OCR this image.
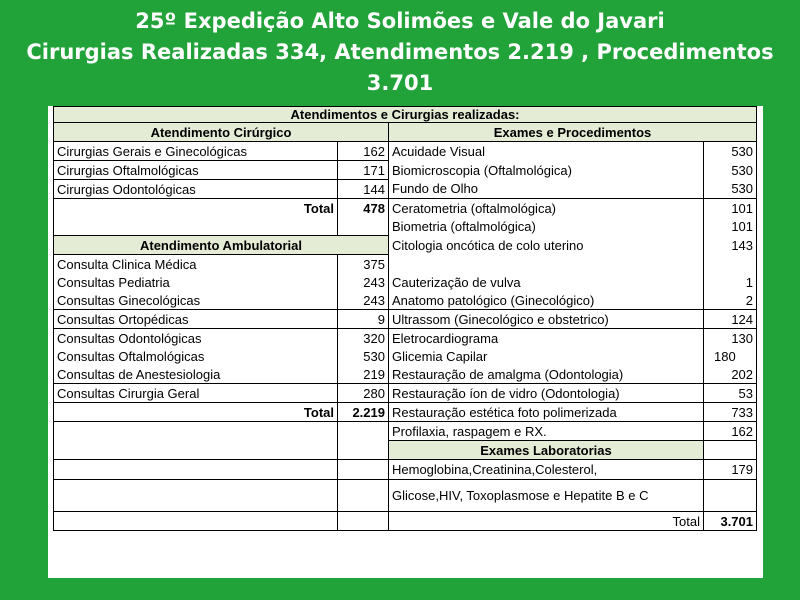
25º Expedição Alto Solimões e Vale do Javari
Cirurgias Realizadas 334, Atendimentos 2.219 , Procedimentos
3.701
Atendimentos e Cirurgias realizadas:			
Atendimento Cirúrgico		Exames e Procedimentos	
Cirurgias Gerais e Ginecológicas	162	Acuidade Visual	530
Cirurgias Oftalmológicas	171	Biomicroscopia (Oftalmológica)	530
Cirurgias Odontológicas	144	Fundo de Olho	530
Total	478	Ceratometria (oftalmológica)	101
		Biometria (oftalmológica)	101
Atendimento Ambulatorial		Citologia oncótica de colo uterino	143
Consulta Clinica Médica	375		
Consultas Pediatria	243	Cauterização de vulva	1
Consultas Ginecológicas	243	Anatomo patológico (Ginecológico)	2
Consultas Ortopédicas	9	Ultrassom (Ginecológico e obstetrico)	124
Consultas Odontológicas	320	Eletrocardiograma	130
Consultas Oftalmológicas	530	Glicemia Capilar	180
Consultas de Anestesiologia	219	Restauração de amalgma (Odontologia)	202
Consultas Cirurgia Geral	280	Restauração íon de vidro (Odontologia)	53
Total	2.219	Restauração estética foto polimerizada	733
		Profilaxia, raspagem e RX.	162
		Exames Laboratorias	
		Hemoglobina,Creatinina,Colesterol,	179
		Glicose,HIV, Toxoplasmose e Hepatite B e C	
		Total	3.701
